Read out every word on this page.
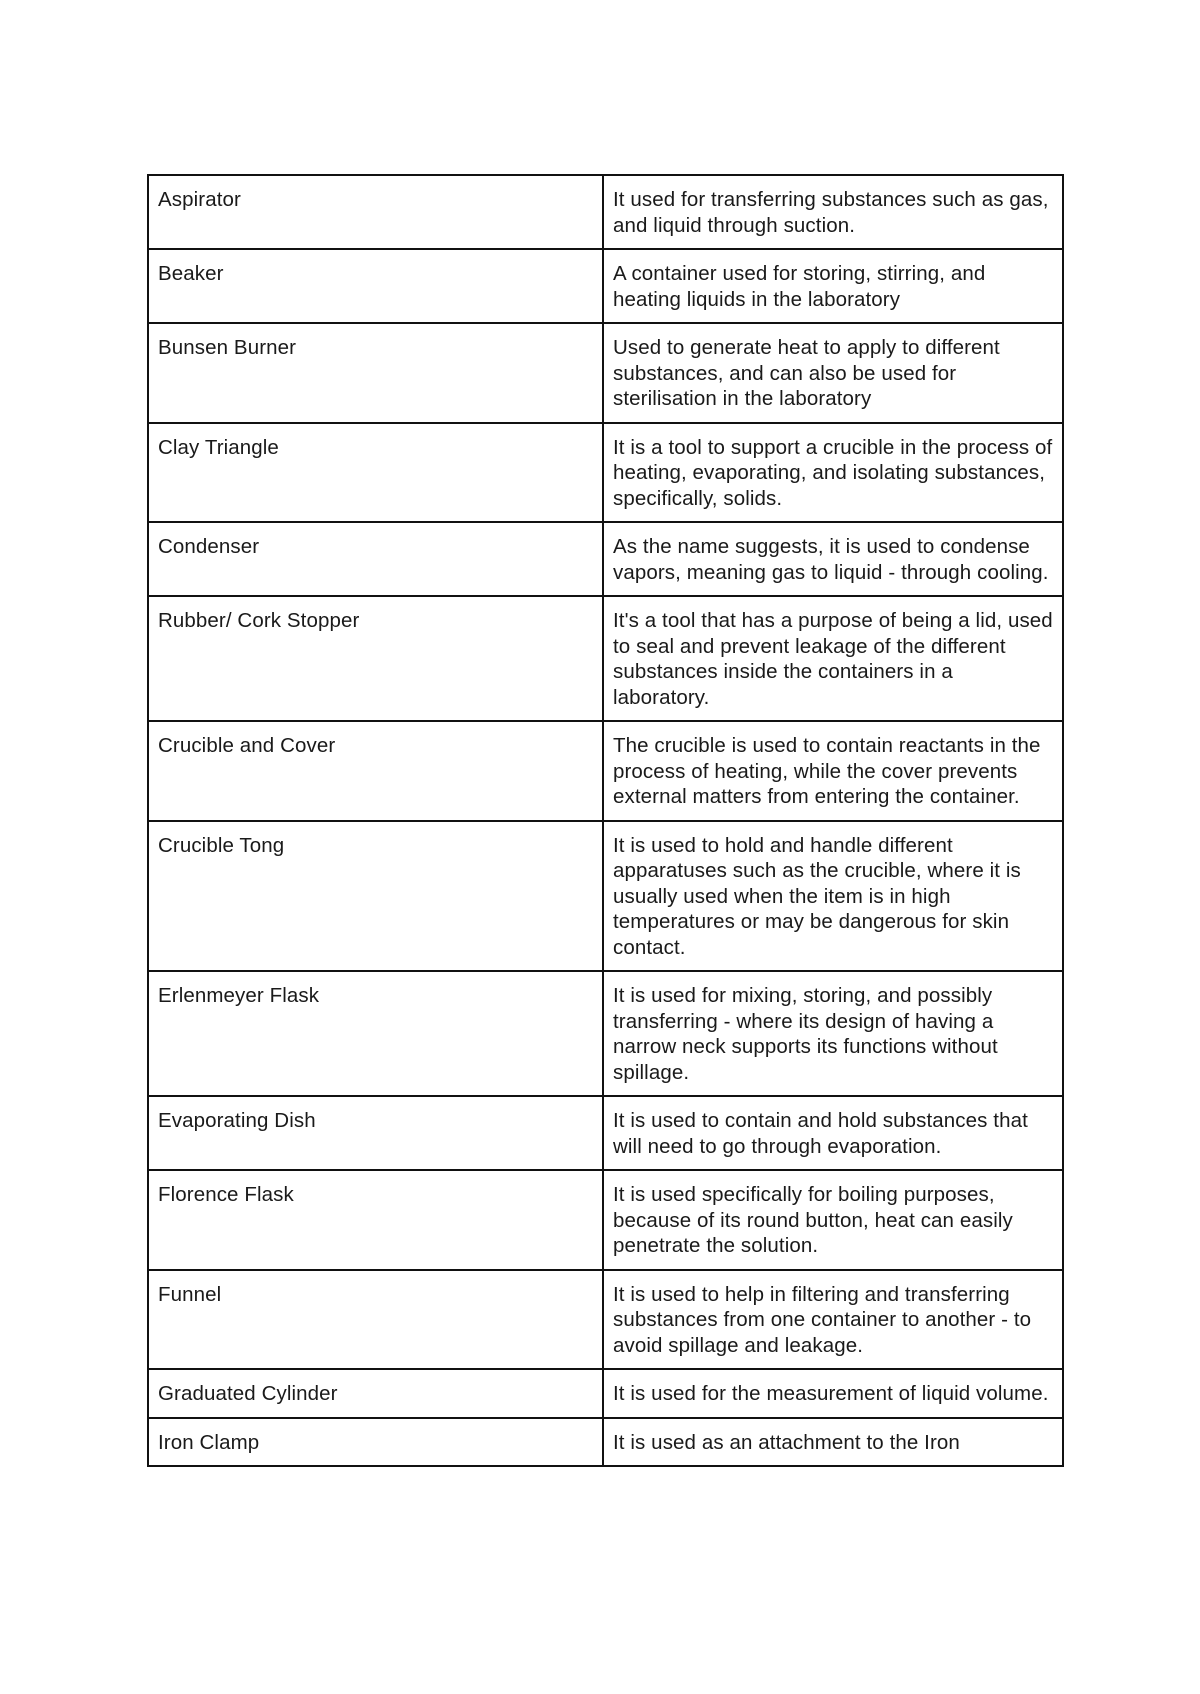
Aspirator	It used for transferring substances such as gas, and liquid through suction.
Beaker	A container used for storing, stirring, and heating liquids in the laboratory
Bunsen Burner	Used to generate heat to apply to different substances, and can also be used for sterilisation in the laboratory
Clay Triangle	It is a tool to support a crucible in the process of heating, evaporating, and isolating substances, specifically, solids.
Condenser	As the name suggests, it is used to condense vapors, meaning gas to liquid - through cooling.
Rubber/ Cork Stopper	It's a tool that has a purpose of being a lid, used to seal and prevent leakage of the different substances inside the containers in a laboratory.
Crucible and Cover	The crucible is used to contain reactants in the process of heating, while the cover prevents external matters from entering the container.
Crucible Tong	It is used to hold and handle different apparatuses such as the crucible, where it is usually used when the item is in high temperatures or may be dangerous for skin contact.
Erlenmeyer Flask	It is used for mixing, storing, and possibly transferring - where its design of having a narrow neck supports its functions without spillage.
Evaporating Dish	It is used to contain and hold substances that will need to go through evaporation.
Florence Flask	It is used specifically for boiling purposes, because of its round button, heat can easily penetrate the solution.
Funnel	It is used to help in filtering and transferring substances from one container to another - to avoid spillage and leakage.
Graduated Cylinder	It is used for the measurement of liquid volume.
Iron Clamp	It is used as an attachment to the Iron
